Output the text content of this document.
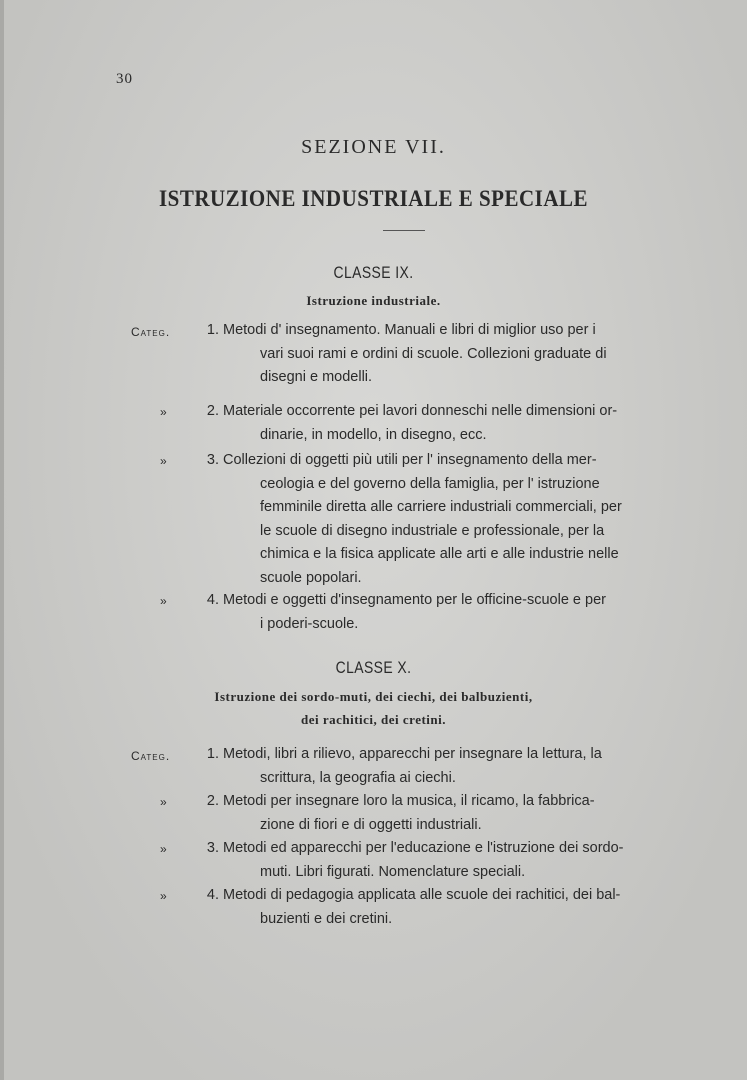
30
SEZIONE VII.
ISTRUZIONE INDUSTRIALE E SPECIALE
CLASSE IX.
Istruzione industriale.
Categ.	1. Metodi d' insegnamento. Manuali e libri di miglior uso per i
vari suoi rami e ordini di scuole. Collezioni graduate di
disegni e modelli.
»	2. Materiale occorrente pei lavori donneschi nelle dimensioni or-
dinarie, in modello, in disegno, ecc.
»	3. Collezioni di oggetti più utili per l' insegnamento della mer-
ceologia e del governo della famiglia, per l' istruzione
femminile diretta alle carriere industriali commerciali, per
le scuole di disegno industriale e professionale, per la
chimica e la fisica applicate alle arti e alle industrie nelle
scuole popolari.
»	4. Metodi e oggetti d'insegnamento per le officine-scuole e per
i poderi-scuole.
CLASSE X.
Istruzione dei sordo-muti, dei ciechi, dei balbuzienti,
dei rachitici, dei cretini.
Categ.	1. Metodi, libri a rilievo, apparecchi per insegnare la lettura, la
scrittura, la geografia ai ciechi.
»	2. Metodi per insegnare loro la musica, il ricamo, la fabbrica-
zione di fiori e di oggetti industriali.
»	3. Metodi ed apparecchi per l'educazione e l'istruzione dei sordo-
muti. Libri figurati. Nomenclature speciali.
»	4. Metodi di pedagogia applicata alle scuole dei rachitici, dei bal-
buzienti e dei cretini.
